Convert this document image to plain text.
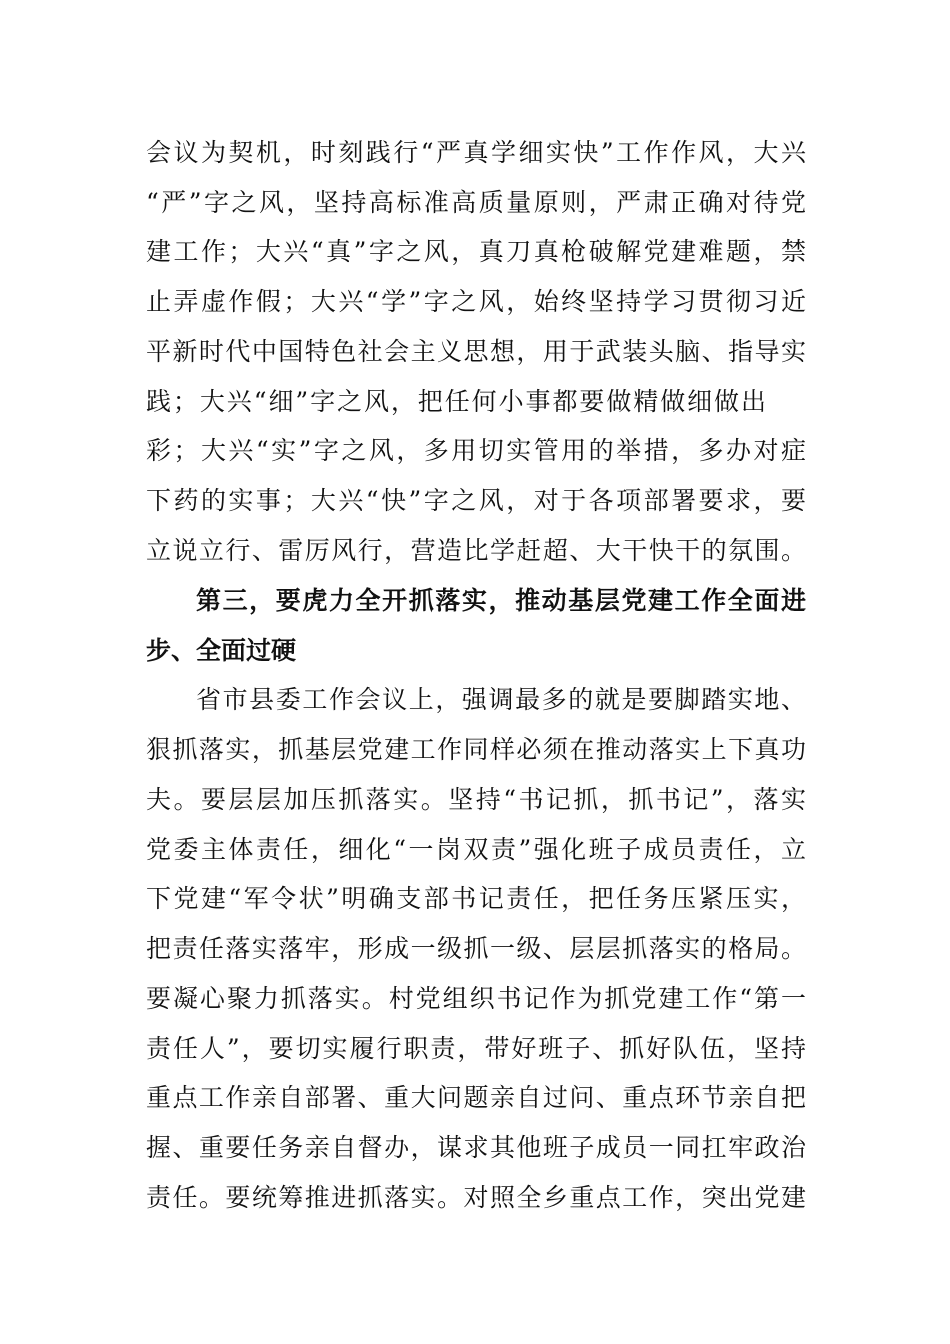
会议为契机，时刻践行“严真学细实快”工作作风，大兴
“严”字之风，坚持高标准高质量原则，严肃正确对待党
建工作；大兴“真”字之风，真刀真枪破解党建难题，禁
止弄虚作假；大兴“学”字之风，始终坚持学习贯彻习近
平新时代中国特色社会主义思想，用于武装头脑、指导实
践；大兴“细”字之风，把任何小事都要做精做细做出
彩；大兴“实”字之风，多用切实管用的举措，多办对症
下药的实事；大兴“快”字之风，对于各项部署要求，要
立说立行、雷厉风行，营造比学赶超、大干快干的氛围。
第三，要虎力全开抓落实，推动基层党建工作全面进
步、全面过硬
省市县委工作会议上，强调最多的就是要脚踏实地、
狠抓落实，抓基层党建工作同样必须在推动落实上下真功
夫。要层层加压抓落实。坚持“书记抓，抓书记”，落实
党委主体责任，细化“一岗双责”强化班子成员责任，立
下党建“军令状”明确支部书记责任，把任务压紧压实，
把责任落实落牢，形成一级抓一级、层层抓落实的格局。
要凝心聚力抓落实。村党组织书记作为抓党建工作“第一
责任人”，要切实履行职责，带好班子、抓好队伍，坚持
重点工作亲自部署、重大问题亲自过问、重点环节亲自把
握、重要任务亲自督办，谋求其他班子成员一同扛牢政治
责任。要统筹推进抓落实。对照全乡重点工作，突出党建
